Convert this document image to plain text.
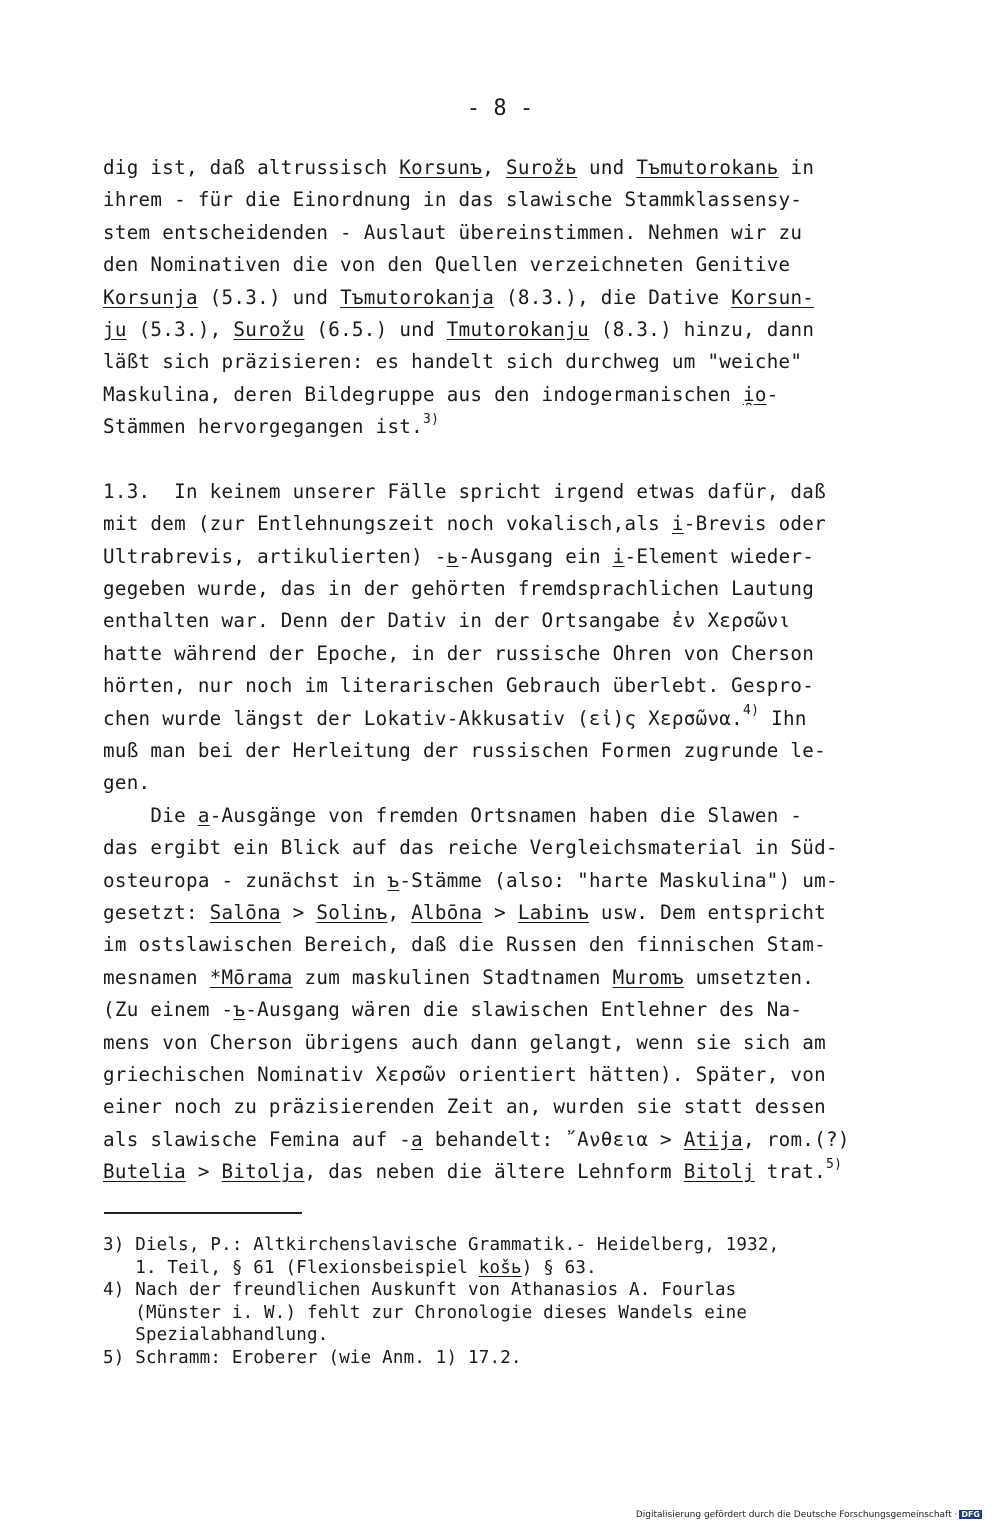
- 8 -
dig ist, daß altrussisch Korsunъ, Surožь und Tъmutorokanь in
ihrem - für die Einordnung in das slawische Stammklassensy-
stem entscheidenden - Auslaut übereinstimmen. Nehmen wir zu
den Nominativen die von den Quellen verzeichneten Genitive
Korsunja (5.3.) und Tъmutorokanja (8.3.), die Dative Korsun-
ju (5.3.), Surožu (6.5.) und Tmutorokanju (8.3.) hinzu, dann
läßt sich präzisieren: es handelt sich durchweg um "weiche"
Maskulina, deren Bildegruppe aus den indogermanischen i̯o-
Stämmen hervorgegangen ist.$^{3)}$
1.3.  In keinem unserer Fälle spricht irgend etwas dafür, daß
mit dem (zur Entlehnungszeit noch vokalisch,als i-Brevis oder
Ultrabrevis, artikulierten) -ь-Ausgang ein i-Element wieder-
gegeben wurde, das in der gehörten fremdsprachlichen Lautung
enthalten war. Denn der Dativ in der Ortsangabe ἐν Χερσῶνι
hatte während der Epoche, in der russische Ohren von Cherson
hörten, nur noch im literarischen Gebrauch überlebt. Gespro-
chen wurde längst der Lokativ-Akkusativ (εἰ)ς Χερσῶνα.$^{4)}$ Ihn
muß man bei der Herleitung der russischen Formen zugrunde le-
gen.
Die a-Ausgänge von fremden Ortsnamen haben die Slawen -
das ergibt ein Blick auf das reiche Vergleichsmaterial in Süd-
osteuropa - zunächst in ъ-Stämme (also: "harte Maskulina") um-
gesetzt: Salōna > Solinъ, Albōna > Labinъ usw. Dem entspricht
im ostslawischen Bereich, daß die Russen den finnischen Stam-
mesnamen *Mōrama zum maskulinen Stadtnamen Muromъ umsetzten.
(Zu einem -ъ-Ausgang wären die slawischen Entlehner des Na-
mens von Cherson übrigens auch dann gelangt, wenn sie sich am
griechischen Nominativ Χερσῶν orientiert hätten). Später, von
einer noch zu präzisierenden Zeit an, wurden sie statt dessen
als slawische Femina auf -a behandelt: ῎Ανθεια > Atija, rom.(?)
Butelia > Bitolja, das neben die ältere Lehnform Bitolj trat.$^{5)}$
3) Diels, P.: Altkirchenslavische Grammatik.- Heidelberg, 1932,
1. Teil, § 61 (Flexionsbeispiel košь) § 63.
4) Nach der freundlichen Auskunft von Athanasios A. Fourlas
(Münster i. W.) fehlt zur Chronologie dieses Wandels eine
Spezialabhandlung.
5) Schramm: Eroberer (wie Anm. 1) 17.2.
Digitalisierung gefördert durch die Deutsche Forschungsgemeinschaft · DFG
